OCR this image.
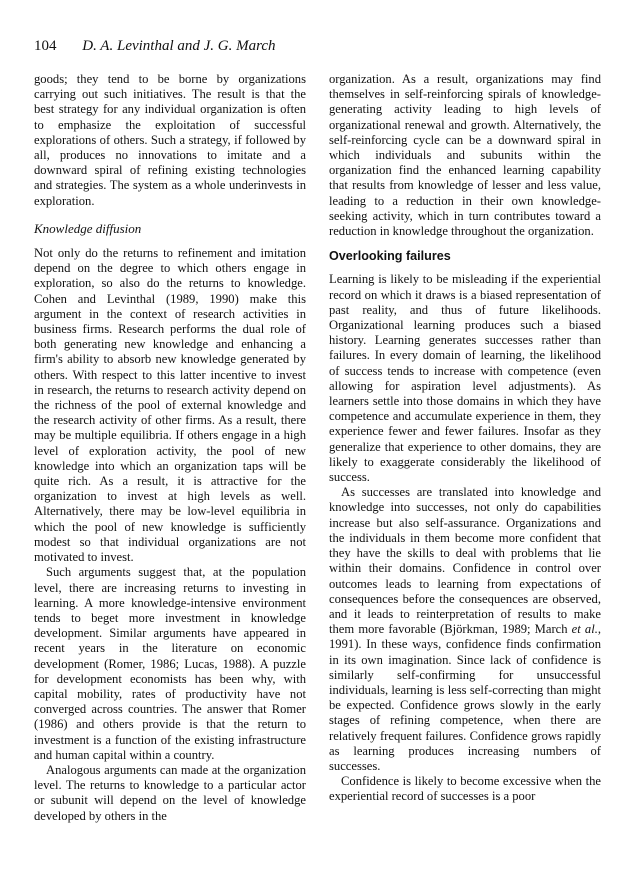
104 D. A. Levinthal and J. G. March

goods; they tend to be borne by organizations carrying out such initiatives. The result is that the best strategy for any individual organization is often to emphasize the exploitation of successful explorations of others. Such a strategy, if followed by all, produces no innovations to imitate and a downward spiral of refining existing technologies and strategies. The system as a whole underinvests in exploration.

Knowledge diffusion

Not only do the returns to refinement and imitation depend on the degree to which others engage in exploration, so also do the returns to knowledge. Cohen and Levinthal (1989, 1990) make this argument in the context of research activities in business firms. Research performs the dual role of both generating new knowledge and enhancing a firm's ability to absorb new knowledge generated by others. With respect to this latter incentive to invest in research, the returns to research activity depend on the richness of the pool of external knowledge and the research activity of other firms. As a result, there may be multiple equilibria. If others engage in a high level of exploration activity, the pool of new knowledge into which an organization taps will be quite rich. As a result, it is attractive for the organization to invest at high levels as well. Alternatively, there may be low-level equilibria in which the pool of new knowledge is sufficiently modest so that individual organizations are not motivated to invest.

Such arguments suggest that, at the population level, there are increasing returns to investing in learning. A more knowledge-intensive environment tends to beget more investment in knowledge development. Similar arguments have appeared in recent years in the literature on economic development (Romer, 1986; Lucas, 1988). A puzzle for development economists has been why, with capital mobility, rates of productivity have not converged across countries. The answer that Romer (1986) and others provide is that the return to investment is a function of the existing infrastructure and human capital within a country.

Analogous arguments can made at the organization level. The returns to knowledge to a particular actor or subunit will depend on the level of knowledge developed by others in the

organization. As a result, organizations may find themselves in self-reinforcing spirals of knowledge-generating activity leading to high levels of organizational renewal and growth. Alternatively, the self-reinforcing cycle can be a downward spiral in which individuals and subunits within the organization find the enhanced learning capability that results from knowledge of lesser and less value, leading to a reduction in their own knowledge-seeking activity, which in turn contributes toward a reduction in knowledge throughout the organization.

Overlooking failures

Learning is likely to be misleading if the experiential record on which it draws is a biased representation of past reality, and thus of future likelihoods. Organizational learning produces such a biased history. Learning generates successes rather than failures. In every domain of learning, the likelihood of success tends to increase with competence (even allowing for aspiration level adjustments). As learners settle into those domains in which they have competence and accumulate experience in them, they experience fewer and fewer failures. Insofar as they generalize that experience to other domains, they are likely to exaggerate considerably the likelihood of success.

As successes are translated into knowledge and knowledge into successes, not only do capabilities increase but also self-assurance. Organizations and the individuals in them become more confident that they have the skills to deal with problems that lie within their domains. Confidence in control over outcomes leads to learning from expectations of consequences before the consequences are observed, and it leads to reinterpretation of results to make them more favorable (Björkman, 1989; March et al., 1991). In these ways, confidence finds confirmation in its own imagination. Since lack of confidence is similarly self-confirming for unsuccessful individuals, learning is less self-correcting than might be expected. Confidence grows slowly in the early stages of refining competence, when there are relatively frequent failures. Confidence grows rapidly as learning produces increasing numbers of successes.

Confidence is likely to become excessive when the experiential record of successes is a poor
